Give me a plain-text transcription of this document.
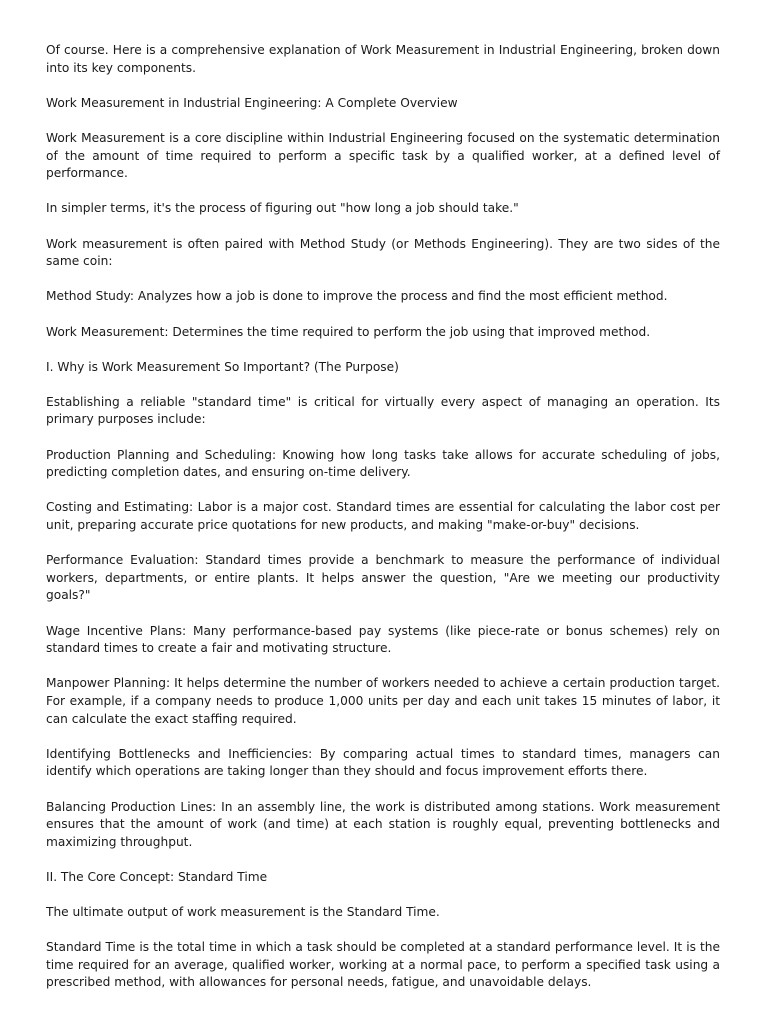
Of course. Here is a comprehensive explanation of Work Measurement in Industrial Engineering, broken down into its key components.

Work Measurement in Industrial Engineering: A Complete Overview

Work Measurement is a core discipline within Industrial Engineering focused on the systematic determination of the amount of time required to perform a specific task by a qualified worker, at a defined level of performance.

In simpler terms, it's the process of figuring out "how long a job should take."

Work measurement is often paired with Method Study (or Methods Engineering). They are two sides of the same coin:

Method Study: Analyzes how a job is done to improve the process and find the most efficient method.

Work Measurement: Determines the time required to perform the job using that improved method.

I. Why is Work Measurement So Important? (The Purpose)

Establishing a reliable "standard time" is critical for virtually every aspect of managing an operation. Its primary purposes include:

Production Planning and Scheduling: Knowing how long tasks take allows for accurate scheduling of jobs, predicting completion dates, and ensuring on-time delivery.

Costing and Estimating: Labor is a major cost. Standard times are essential for calculating the labor cost per unit, preparing accurate price quotations for new products, and making "make-or-buy" decisions.

Performance Evaluation: Standard times provide a benchmark to measure the performance of individual workers, departments, or entire plants. It helps answer the question, "Are we meeting our productivity goals?"

Wage Incentive Plans: Many performance-based pay systems (like piece-rate or bonus schemes) rely on standard times to create a fair and motivating structure.

Manpower Planning: It helps determine the number of workers needed to achieve a certain production target. For example, if a company needs to produce 1,000 units per day and each unit takes 15 minutes of labor, it can calculate the exact staffing required.

Identifying Bottlenecks and Inefficiencies: By comparing actual times to standard times, managers can identify which operations are taking longer than they should and focus improvement efforts there.

Balancing Production Lines: In an assembly line, the work is distributed among stations. Work measurement ensures that the amount of work (and time) at each station is roughly equal, preventing bottlenecks and maximizing throughput.

II. The Core Concept: Standard Time

The ultimate output of work measurement is the Standard Time.

Standard Time is the total time in which a task should be completed at a standard performance level. It is the time required for an average, qualified worker, working at a normal pace, to perform a specified task using a prescribed method, with allowances for personal needs, fatigue, and unavoidable delays.
